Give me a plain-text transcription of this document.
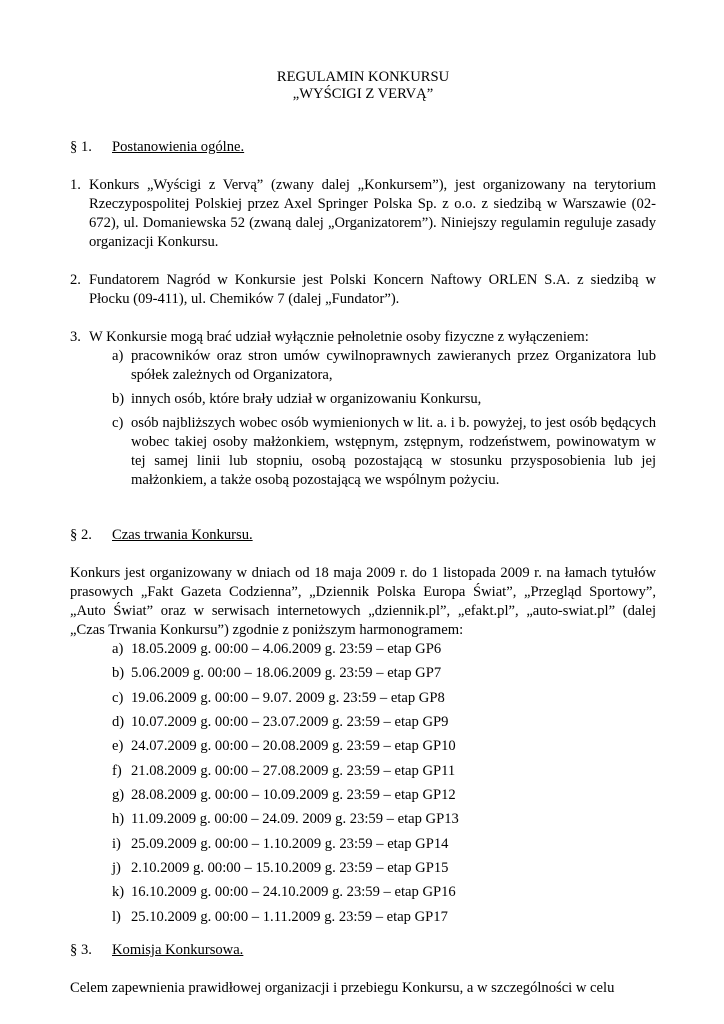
REGULAMIN KONKURSU
„WYŚCIGI Z VERVĄ”

§ 1. Postanowienia ogólne.

1. Konkurs „Wyścigi z Vervą” (zwany dalej „Konkursem”), jest organizowany na terytorium Rzeczypospolitej Polskiej przez Axel Springer Polska Sp. z o.o. z siedzibą w Warszawie (02-672), ul. Domaniewska 52 (zwaną dalej „Organizatorem”). Niniejszy regulamin reguluje zasady organizacji Konkursu.
2. Fundatorem Nagród w Konkursie jest Polski Koncern Naftowy ORLEN S.A. z siedzibą w Płocku (09-411), ul. Chemików 7 (dalej „Fundator”).
3. W Konkursie mogą brać udział wyłącznie pełnoletnie osoby fizyczne z wyłączeniem:
a) pracowników oraz stron umów cywilnoprawnych zawieranych przez Organizatora lub spółek zależnych od Organizatora,
b) innych osób, które brały udział w organizowaniu Konkursu,
c) osób najbliższych wobec osób wymienionych w lit. a. i b. powyżej, to jest osób będących wobec takiej osoby małżonkiem, wstępnym, zstępnym, rodzeństwem, powinowatym w tej samej linii lub stopniu, osobą pozostającą w stosunku przysposobienia lub jej małżonkiem, a także osobą pozostającą we wspólnym pożyciu.

§ 2. Czas trwania Konkursu.

Konkurs jest organizowany w dniach od 18 maja 2009 r. do 1 listopada 2009 r. na łamach tytułów prasowych „Fakt Gazeta Codzienna”, „Dziennik Polska Europa Świat”, „Przegląd Sportowy”, „Auto Świat” oraz w serwisach internetowych „dziennik.pl”, „efakt.pl”, „auto-swiat.pl” (dalej „Czas Trwania Konkursu”) zgodnie z poniższym harmonogramem:

a) 18.05.2009 g. 00:00 – 4.06.2009 g. 23:59 – etap GP6
b) 5.06.2009 g. 00:00 – 18.06.2009 g. 23:59 – etap GP7
c) 19.06.2009 g. 00:00 – 9.07. 2009 g. 23:59 – etap GP8
d) 10.07.2009 g. 00:00 – 23.07.2009 g. 23:59 – etap GP9
e) 24.07.2009 g. 00:00 – 20.08.2009 g. 23:59 – etap GP10
f) 21.08.2009 g. 00:00 – 27.08.2009 g. 23:59 – etap GP11
g) 28.08.2009 g. 00:00 – 10.09.2009 g. 23:59 – etap GP12
h) 11.09.2009 g. 00:00 – 24.09. 2009 g. 23:59 – etap GP13
i) 25.09.2009 g. 00:00 – 1.10.2009 g. 23:59 – etap GP14
j) 2.10.2009 g. 00:00 – 15.10.2009 g. 23:59 – etap GP15
k) 16.10.2009 g. 00:00 – 24.10.2009 g. 23:59 – etap GP16
l) 25.10.2009 g. 00:00 – 1.11.2009 g. 23:59 – etap GP17

§ 3. Komisja Konkursowa.

Celem zapewnienia prawidłowej organizacji i przebiegu Konkursu, a w szczególności w celu
